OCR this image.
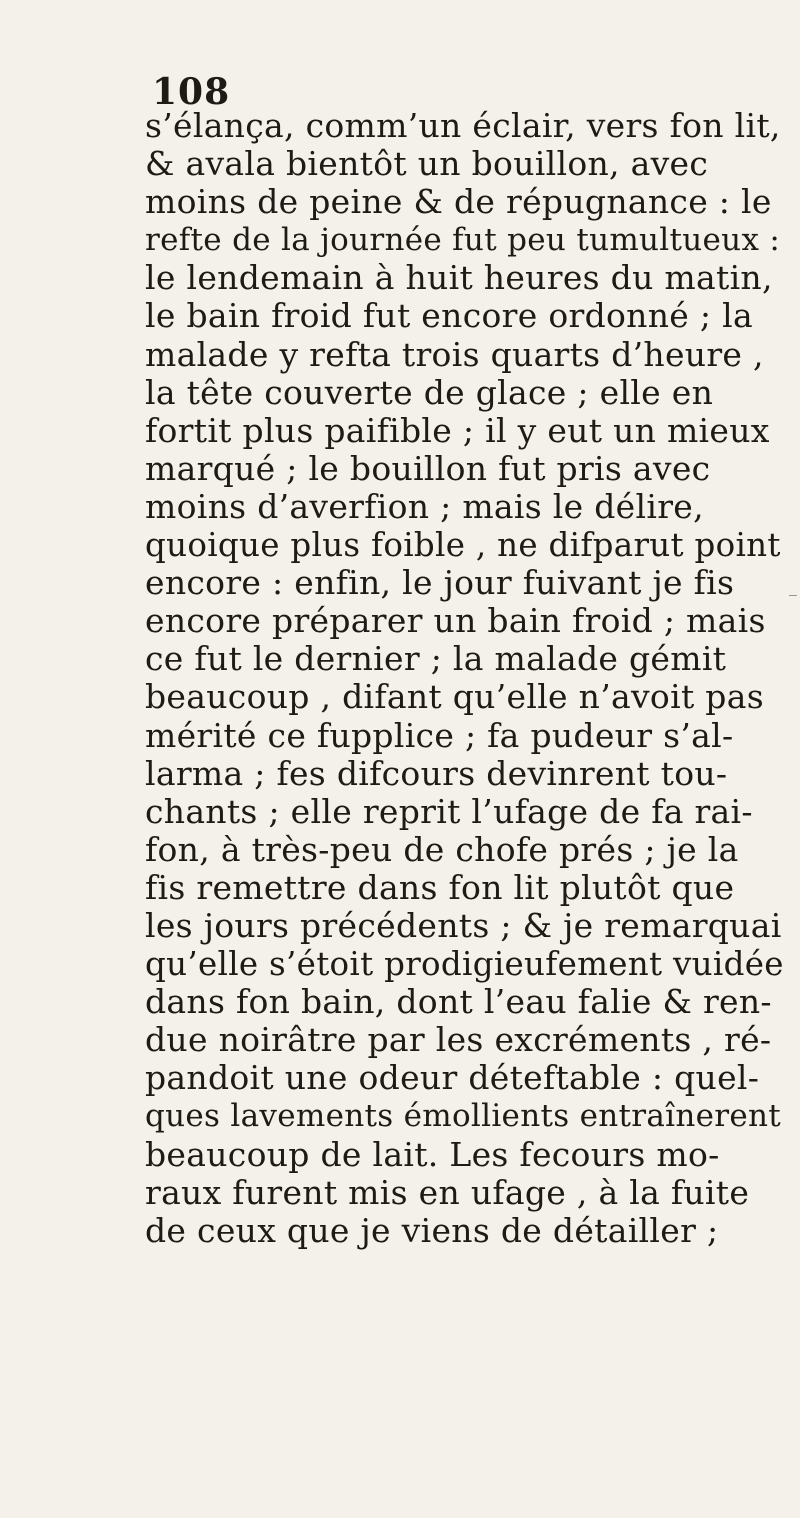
108
s’élança, comm’un éclair, vers fon lit,
& avala bientôt un bouillon, avec
moins de peine & de répugnance : le
refte de la journée fut peu tumultueux :
le lendemain à huit heures du matin,
le bain froid fut encore ordonné ; la
malade y refta trois quarts d’heure ,
la tête couverte de glace ; elle en
fortit plus paifible ; il y eut un mieux
marqué ; le bouillon fut pris avec
moins d’averfion ; mais le délire,
quoique plus foible , ne difparut point
encore : enfin, le jour fuivant je fis
encore préparer un bain froid ; mais
ce fut le dernier ; la malade gémit
beaucoup , difant qu’elle n’avoit pas
mérité ce fupplice ; fa pudeur s’al-
larma ; fes difcours devinrent tou-
chants ; elle reprit l’ufage de fa rai-
fon, à très-peu de chofe prés ; je la
fis remettre dans fon lit plutôt que
les jours précédents ; & je remarquai
qu’elle s’étoit prodigieufement vuidée
dans fon bain, dont l’eau falie & ren-
due noirâtre par les excréments , ré-
pandoit une odeur déteftable : quel-
ques lavements émollients entraînerent
beaucoup de lait. Les fecours mo-
raux furent mis en ufage , à la fuite
de ceux que je viens de détailler ;
